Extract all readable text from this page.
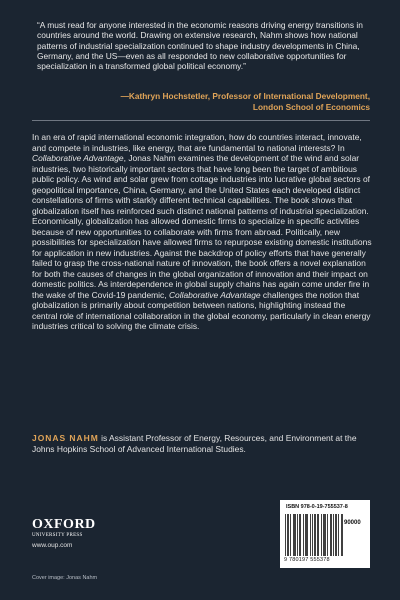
“A must read for anyone interested in the economic reasons driving energy transitions in countries around the world. Drawing on extensive research, Nahm shows how national patterns of industrial specialization continued to shape industry developments in China, Germany, and the US—even as all responded to new collaborative opportunities for specialization in a transformed global political economy.”
—Kathryn Hochstetler, Professor of International Development,
London School of Economics
In an era of rapid international economic integration, how do countries interact, innovate, and compete in industries, like energy, that are fundamental to national interests? In Collaborative Advantage, Jonas Nahm examines the development of the wind and solar industries, two historically important sectors that have long been the target of ambitious public policy. As wind and solar grew from cottage industries into lucrative global sectors of geopolitical importance, China, Germany, and the United States each developed distinct constellations of firms with starkly different technical capabilities. The book shows that globalization itself has reinforced such distinct national patterns of industrial specialization. Economically, globalization has allowed domestic firms to specialize in specific activities because of new opportunities to collaborate with firms from abroad. Politically, new possibilities for specialization have allowed firms to repurpose existing domestic institutions for application in new industries. Against the backdrop of policy efforts that have generally failed to grasp the cross-national nature of innovation, the book offers a novel explanation for both the causes of changes in the global organization of innovation and their impact on domestic politics. As interdependence in global supply chains has again come under fire in the wake of the Covid-19 pandemic, Collaborative Advantage challenges the notion that globalization is primarily about competition between nations, highlighting instead the central role of international collaboration in the global economy, particularly in clean energy industries critical to solving the climate crisis.
JONAS NAHM is Assistant Professor of Energy, Resources, and Environment at the Johns Hopkins School of Advanced International Studies.
OXFORD
UNIVERSITY PRESS
www.oup.com
Cover image: Jonas Nahm
ISBN 978-0-19-755537-8
90000
9 780197 555378
